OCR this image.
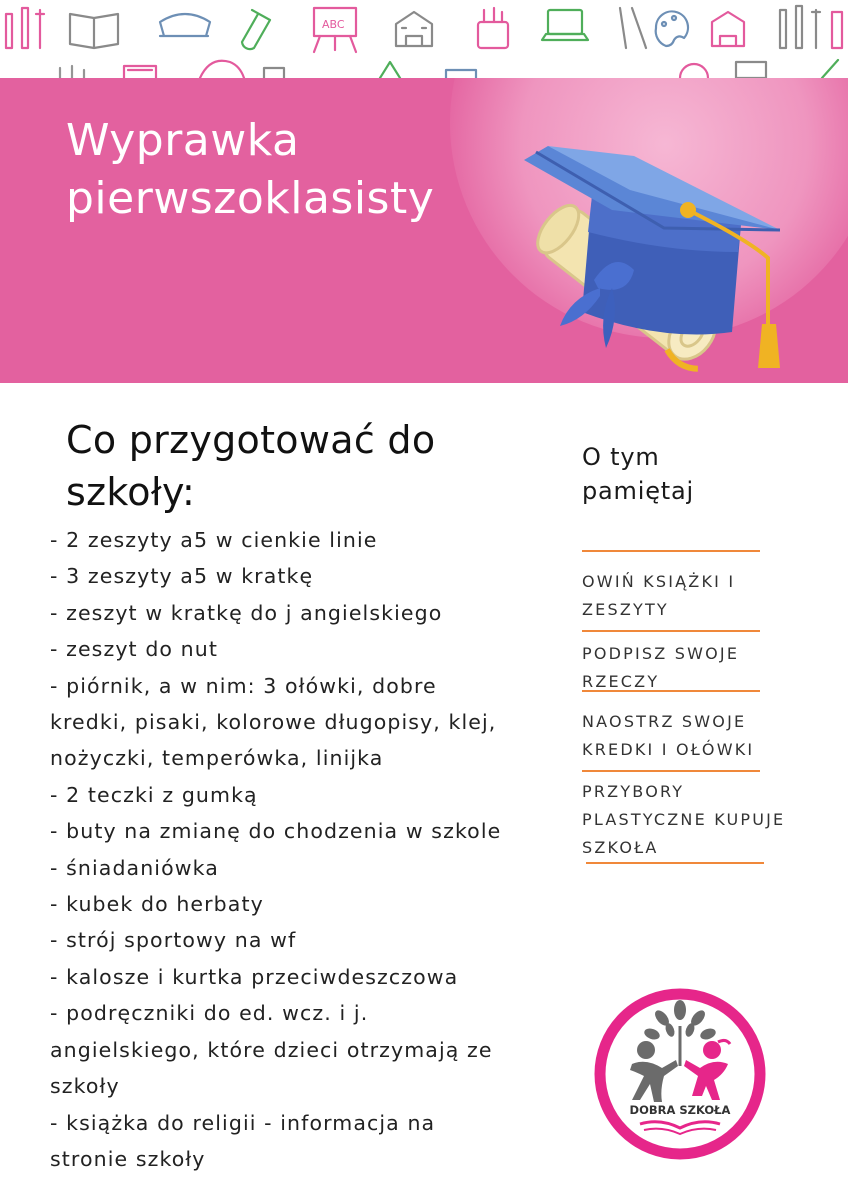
ABC
Wyprawka
pierwszoklasisty
Co przygotować do
szkoły:
- 2 zeszyty a5 w cienkie linie
- 3 zeszyty a5 w kratkę
- zeszyt w kratkę do j angielskiego
- zeszyt do nut
- piórnik, a w nim: 3 ołówki, dobre
kredki, pisaki, kolorowe długopisy, klej,
nożyczki, temperówka, linijka
- 2 teczki z gumką
- buty na zmianę do chodzenia w szkole
- śniadaniówka
- kubek do herbaty
- strój sportowy na wf
- kalosze i kurtka przeciwdeszczowa
- podręczniki do ed. wcz. i j.
angielskiego, które dzieci otrzymają ze
szkoły
- książka do religii - informacja na
stronie szkoły
O tym
pamiętaj

OWIŃ KSIĄŻKI I

ZESZYTY

PODPISZ SWOJE

RZECZY

NAOSTRZ SWOJE

KREDKI I OŁÓWKI

PRZYBORY

PLASTYCZNE KUPUJE

SZKOŁA

DOBRA SZKOŁA
